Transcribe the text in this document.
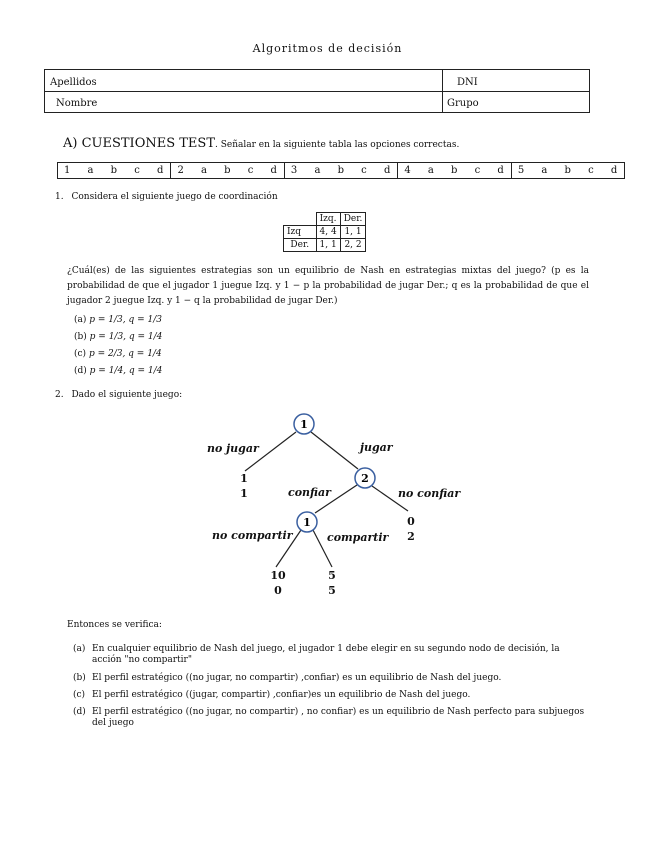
Algoritmos de decisión
Apellidos	DNI
Nombre	Grupo
A) CUESTIONES TEST. Señalar en la siguiente tabla las opciones correctas.
1 a b c d	2 a b c d	3 a b c d	4 a b c d	5 a b c d
1. Considera el siguiente juego de coordinación
	Izq.	Der.
Izq	4, 4	1, 1
Der.	1, 1	2, 2
¿Cuál(es) de las siguientes estrategias son un equilibrio de Nash en estrategias mixtas del juego? (p es la probabilidad de que el jugador 1 juegue Izq. y 1 − p la probabilidad de jugar Der.; q es la probabilidad de que el jugador 2 juegue Izq. y 1 − q la probabilidad de jugar Der.)
(a) p = 1/3, q = 1/3
(b) p = 1/3, q = 1/4
(c) p = 2/3, q = 1/4
(d) p = 1/4, q = 1/4
2. Dado el siguiente juego:
1
2
1
no jugar	jugar
confiar	no confiar
no compartir	compartir
1
1
0
2
10
0
5
5
Entonces se verifica:
(a) En cualquier equilibrio de Nash del juego, el jugador 1 debe elegir en su segundo nodo de decisión, la acción "no compartir"
(b) El perfil estratégico ((no jugar, no compartir) ,confiar) es un equilibrio de Nash del juego.
(c) El perfil estratégico ((jugar, compartir) ,confiar)es un equilibrio de Nash del juego.
(d) El perfil estratégico ((no jugar, no compartir) , no confiar) es un equilibrio de Nash perfecto para subjuegos del juego
